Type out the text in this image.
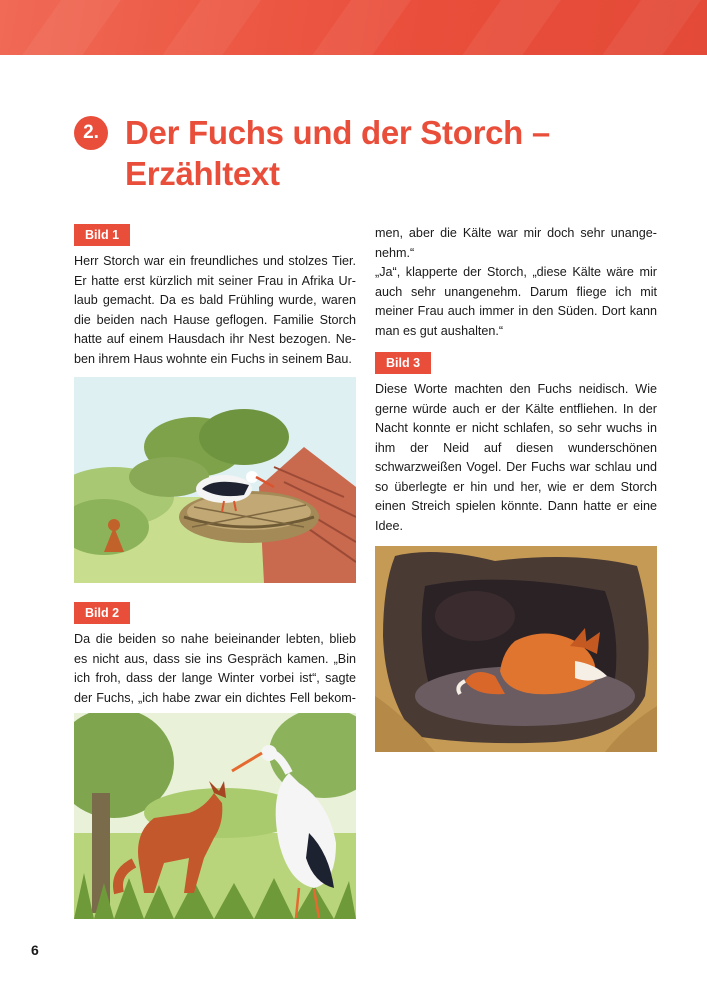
2. Der Fuchs und der Storch –
Erzähltext
Bild 1

Herr Storch war ein freundliches und stolzes Tier.
Er hatte erst kürzlich mit seiner Frau in Afrika Ur-
laub gemacht. Da es bald Frühling wurde, waren
die beiden nach Hause geflogen. Familie Storch
hatte auf einem Hausdach ihr Nest bezogen. Ne-
ben ihrem Haus wohnte ein Fuchs in seinem Bau.

Bild 2

Da die beiden so nahe beieinander lebten, blieb
es nicht aus, dass sie ins Gespräch kamen. „Bin
ich froh, dass der lange Winter vorbei ist“, sagte
der Fuchs, „ich habe zwar ein dichtes Fell bekom-

men, aber die Kälte war mir doch sehr unange-
nehm.“
„Ja“, klapperte der Storch, „diese Kälte wäre mir
auch sehr unangenehm. Darum fliege ich mit
meiner Frau auch immer in den Süden. Dort kann
man es gut aushalten.“

Bild 3

Diese Worte machten den Fuchs neidisch. Wie
gerne würde auch er der Kälte entfliehen. In der
Nacht konnte er nicht schlafen, so sehr wuchs in
ihm der Neid auf diesen wunderschönen
schwarzweißen Vogel. Der Fuchs war schlau und
so überlegte er hin und her, wie er dem Storch
einen Streich spielen könnte. Dann hatte er eine
Idee.

6
